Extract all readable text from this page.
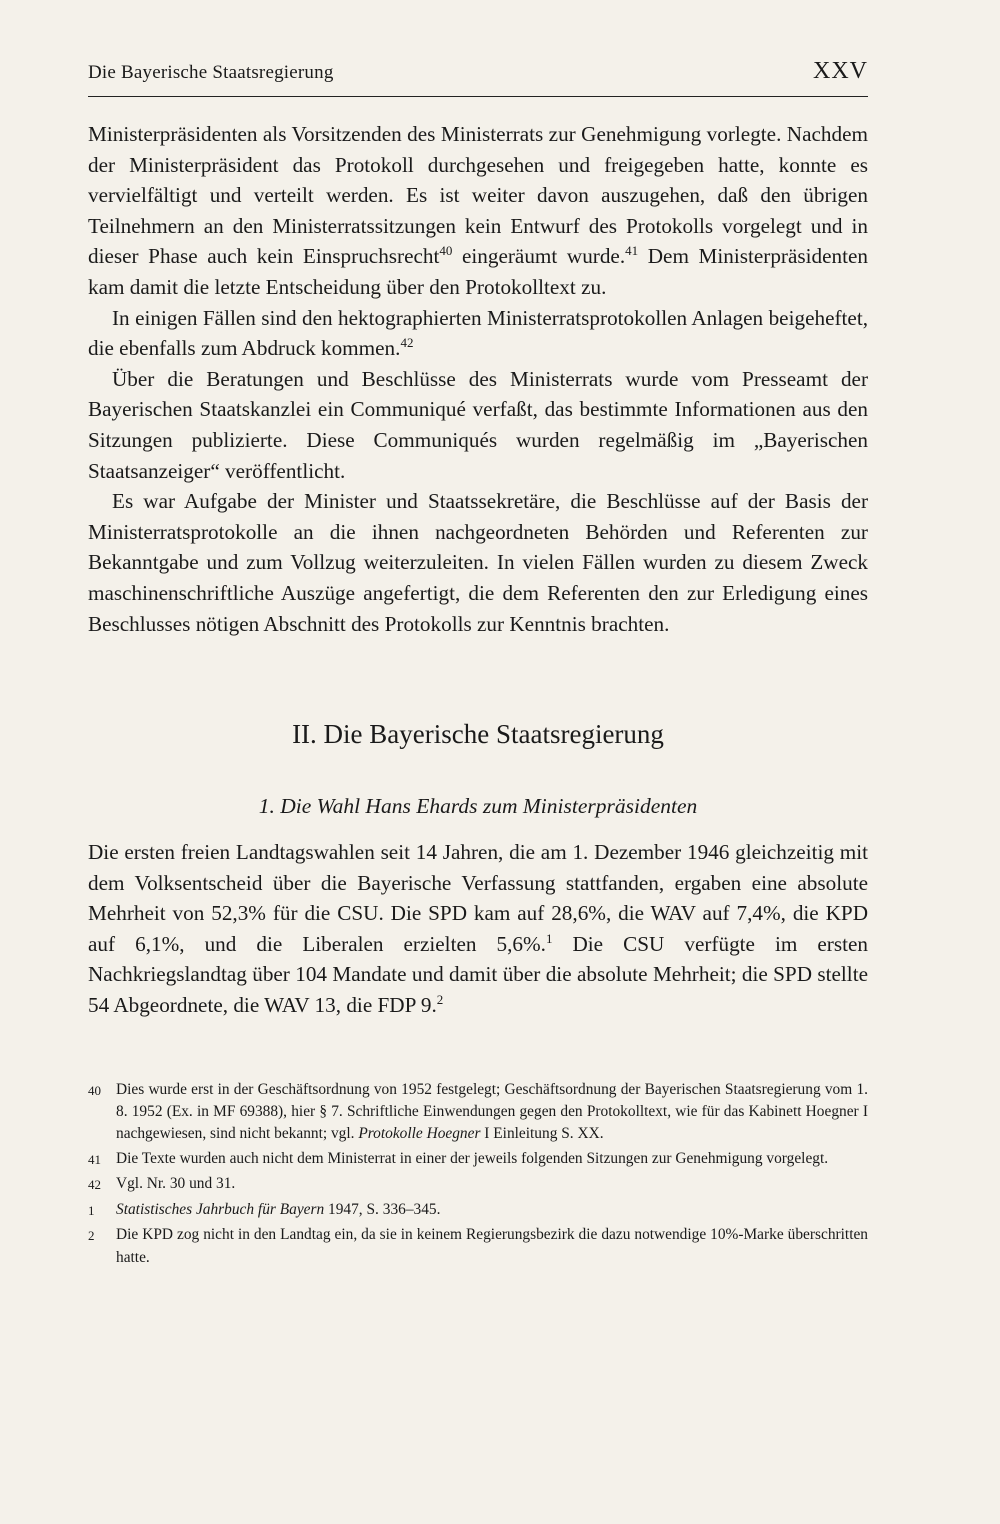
Die Bayerische Staatsregierung	XXV

Ministerpräsidenten als Vorsitzenden des Ministerrats zur Genehmigung vorlegte. Nachdem der Ministerpräsident das Protokoll durchgesehen und freigegeben hatte, konnte es vervielfältigt und verteilt werden. Es ist weiter davon auszugehen, daß den übrigen Teilnehmern an den Ministerratssitzungen kein Entwurf des Protokolls vorgelegt und in dieser Phase auch kein Einspruchsrecht$^{40}$ eingeräumt wurde.$^{41}$ Dem Ministerpräsidenten kam damit die letzte Entscheidung über den Protokolltext zu.

In einigen Fällen sind den hektographierten Ministerratsprotokollen Anlagen beigeheftet, die ebenfalls zum Abdruck kommen.$^{42}$

Über die Beratungen und Beschlüsse des Ministerrats wurde vom Presseamt der Bayerischen Staatskanzlei ein Communiqué verfaßt, das bestimmte Informationen aus den Sitzungen publizierte. Diese Communiqués wurden regelmäßig im „Bayerischen Staatsanzeiger“ veröffentlicht.

Es war Aufgabe der Minister und Staatssekretäre, die Beschlüsse auf der Basis der Ministerratsprotokolle an die ihnen nachgeordneten Behörden und Referenten zur Bekanntgabe und zum Vollzug weiterzuleiten. In vielen Fällen wurden zu diesem Zweck maschinenschriftliche Auszüge angefertigt, die dem Referenten den zur Erledigung eines Beschlusses nötigen Abschnitt des Protokolls zur Kenntnis brachten.

II. Die Bayerische Staatsregierung
1. Die Wahl Hans Ehards zum Ministerpräsidenten

Die ersten freien Landtagswahlen seit 14 Jahren, die am 1. Dezember 1946 gleichzeitig mit dem Volksentscheid über die Bayerische Verfassung stattfanden, ergaben eine absolute Mehrheit von 52,3% für die CSU. Die SPD kam auf 28,6%, die WAV auf 7,4%, die KPD auf 6,1%, und die Liberalen erzielten 5,6%.$^1$ Die CSU verfügte im ersten Nachkriegslandtag über 104 Mandate und damit über die absolute Mehrheit; die SPD stellte 54 Abgeordnete, die WAV 13, die FDP 9.$^2$

40 Dies wurde erst in der Geschäftsordnung von 1952 festgelegt; Geschäftsordnung der Bayerischen Staatsregierung vom 1. 8. 1952 (Ex. in MF 69388), hier § 7. Schriftliche Einwendungen gegen den Protokolltext, wie für das Kabinett Hoegner I nachgewiesen, sind nicht bekannt; vgl. Protokolle Hoegner I Einleitung S. XX.
41 Die Texte wurden auch nicht dem Ministerrat in einer der jeweils folgenden Sitzungen zur Genehmigung vorgelegt.
42 Vgl. Nr. 30 und 31.
1	Statistisches Jahrbuch für Bayern 1947, S. 336–345.
2	Die KPD zog nicht in den Landtag ein, da sie in keinem Regierungsbezirk die dazu notwendige 10%-Marke überschritten hatte.
